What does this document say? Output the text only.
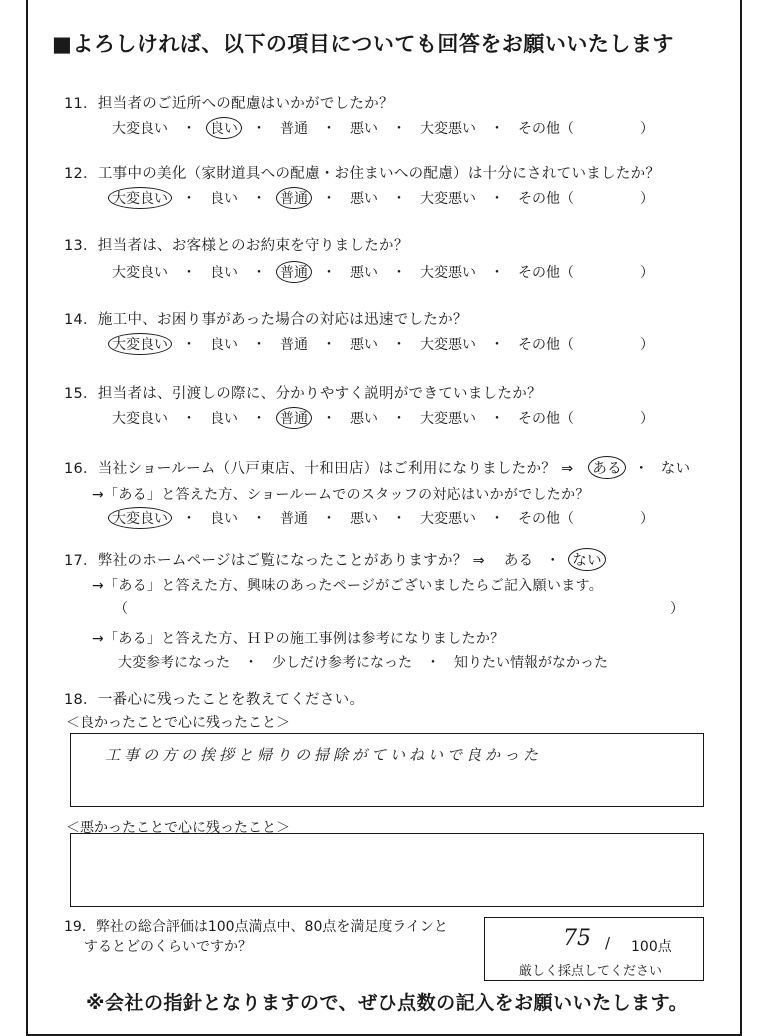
■よろしければ、以下の項目についても回答をお願いいたします
11．担当者のご近所への配慮はいかがでしたか？
大変良い ・ 良い ・ 普通 ・ 悪い ・ 大変悪い ・ その他（	）
12．工事中の美化（家財道具への配慮・お住まいへの配慮）は十分にされていましたか？
大変良い ・ 良い ・ 普通 ・ 悪い ・ 大変悪い ・ その他（	）
13．担当者は、お客様とのお約束を守りましたか？
大変良い ・ 良い ・ 普通 ・ 悪い ・ 大変悪い ・ その他（	）
14．施工中、お困り事があった場合の対応は迅速でしたか？
大変良い ・ 良い ・ 普通 ・ 悪い ・ 大変悪い ・ その他（	）
15．担当者は、引渡しの際に、分かりやすく説明ができていましたか？
大変良い ・ 良い ・ 普通 ・ 悪い ・ 大変悪い ・ その他（	）
16．当社ショールーム（八戸東店、十和田店）はご利用になりましたか？ ⇒ ある ・ ない
→「ある」と答えた方、ショールームでのスタッフの対応はいかがでしたか？
大変良い ・ 良い ・ 普通 ・ 悪い ・ 大変悪い ・ その他（	）
17．弊社のホームページはご覧になったことがありますか？ ⇒ ある ・ ない
→「ある」と答えた方、興味のあったページがございましたらご記入願います。
（	）
→「ある」と答えた方、ＨＰの施工事例は参考になりましたか？
大変参考になった ・ 少しだけ参考になった ・ 知りたい情報がなかった
18．一番心に残ったことを教えてください。
＜良かったことで心に残ったこと＞
工事の方の挨拶と帰りの掃除がていねいで良かった
＜悪かったことで心に残ったこと＞
19．弊社の総合評価は100点満点中、80点を満足度ラインと
するとどのくらいですか？	75 / 100点
厳しく採点してください
※会社の指針となりますので、ぜひ点数の記入をお願いいたします。
